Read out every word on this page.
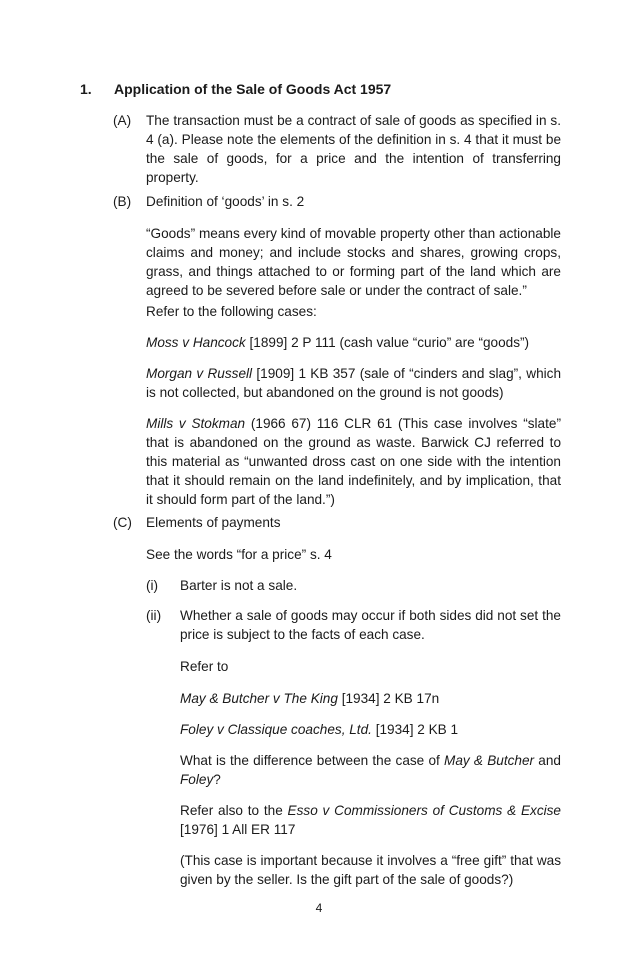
1. Application of the Sale of Goods Act 1957
(A) The transaction must be a contract of sale of goods as specified in s. 4 (a). Please note the elements of the definition in s. 4 that it must be the sale of goods, for a price and the intention of transferring property.

(B) Definition of ‘goods’ in s. 2

“Goods” means every kind of movable property other than actionable claims and money; and include stocks and shares, growing crops, grass, and things attached to or forming part of the land which are agreed to be severed before sale or under the contract of sale.”

Refer to the following cases:

Moss v Hancock [1899] 2 P 111 (cash value “curio” are “goods”)

Morgan v Russell [1909] 1 KB 357 (sale of “cinders and slag”, which is not collected, but abandoned on the ground is not goods)

Mills v Stokman (1966 67) 116 CLR 61 (This case involves “slate” that is abandoned on the ground as waste. Barwick CJ referred to this material as “unwanted dross cast on one side with the intention that it should remain on the land indefinitely, and by implication, that it should form part of the land.”)

(C) Elements of payments

See the words “for a price” s. 4

(i) Barter is not a sale.

(ii) Whether a sale of goods may occur if both sides did not set the price is subject to the facts of each case.

Refer to

May & Butcher v The King [1934] 2 KB 17n

Foley v Classique coaches, Ltd. [1934] 2 KB 1

What is the difference between the case of May & Butcher and Foley?

Refer also to the Esso v Commissioners of Customs & Excise [1976] 1 All ER 117

(This case is important because it involves a “free gift” that was given by the seller. Is the gift part of the sale of goods?)

4
